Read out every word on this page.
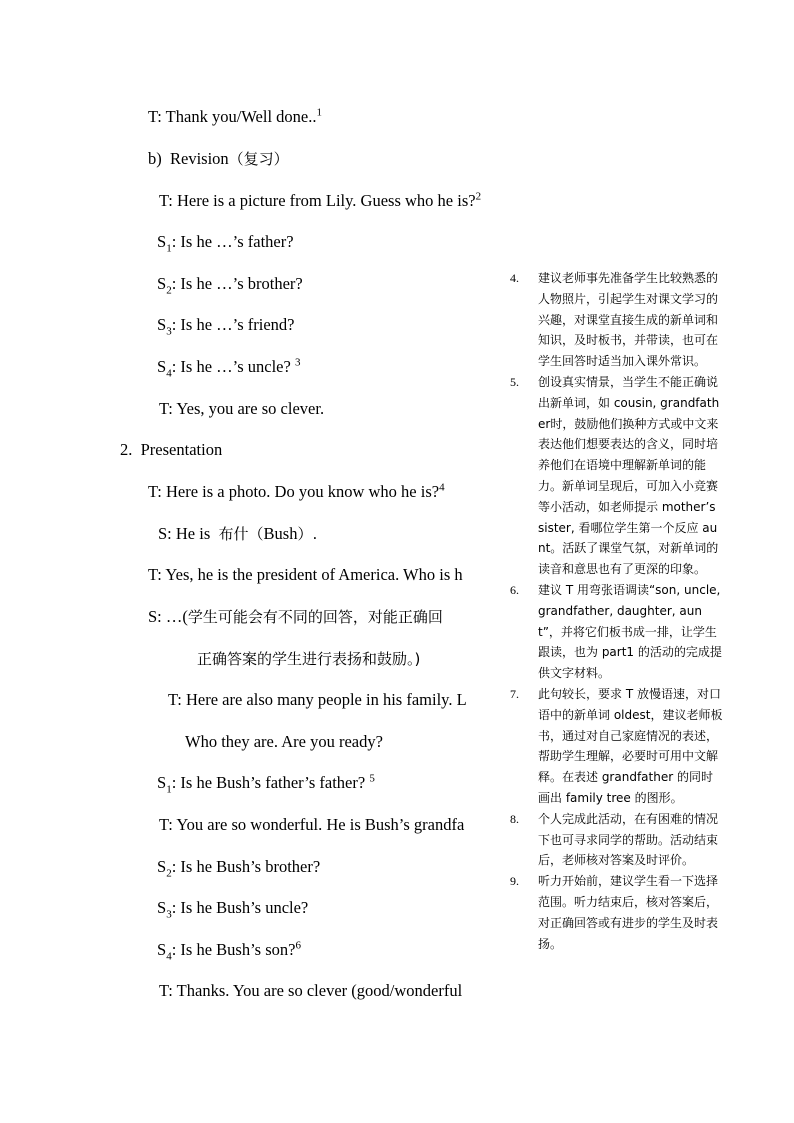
T: Thank you/Well done..$^1$
b) Revision（复习）
T: Here is a picture from Lily. Guess who he is?$^2$
$S_1$: Is he …’s father?
$S_2$: Is he …’s brother?
$S_3$: Is he …’s friend?
$S_4$: Is he …’s uncle? $^3$
T: Yes, you are so clever.
2. Presentation
T: Here is a photo. Do you know who he is?$^4$
S: He is 布什（Bush）.
T: Yes, he is the president of America. Who is h
S: …(学生可能会有不同的回答，对能正确回
正确答案的学生进行表扬和鼓励。)
T: Here are also many people in his family. L
Who they are. Are you ready?
$S_1$: Is he Bush’s father’s father? $^5$
T: You are so wonderful. He is Bush’s grandfa
$S_2$: Is he Bush’s brother?
$S_3$: Is he Bush’s uncle?
$S_4$: Is he Bush’s son?$^6$
T: Thanks. You are so clever (good/wonderful
4.	建议老师事先准备学生比较熟悉的人物照片，引起学生对课文学习的兴趣，对课堂直接生成的新单词和知识，及时板书，并带读，也可在学生回答时适当加入课外常识。
5.	创设真实情景，当学生不能正确说出新单词，如 cousin, grandfather时，鼓励他们换种方式或中文来表达他们想要表达的含义，同时培养他们在语境中理解新单词的能力。新单词呈现后，可加入小竞赛等小活动，如老师提示 mother’s sister, 看哪位学生第一个反应 aunt。活跃了课堂气氛，对新单词的读音和意思也有了更深的印象。
6.	建议 T 用弯张语调读“son, uncle, grandfather, daughter, aunt”，并将它们板书成一排，让学生跟读，也为 part1 的活动的完成提供文字材料。
7.	此句较长，要求 T 放慢语速，对口语中的新单词 oldest，建议老师板书，通过对自己家庭情况的表述，帮助学生理解，必要时可用中文解释。在表述 grandfather 的同时画出 family tree 的图形。
8.	个人完成此活动，在有困难的情况下也可寻求同学的帮助。活动结束后，老师核对答案及时评价。
9.	听力开始前，建议学生看一下选择范围。听力结束后，核对答案后，对正确回答或有进步的学生及时表扬。
